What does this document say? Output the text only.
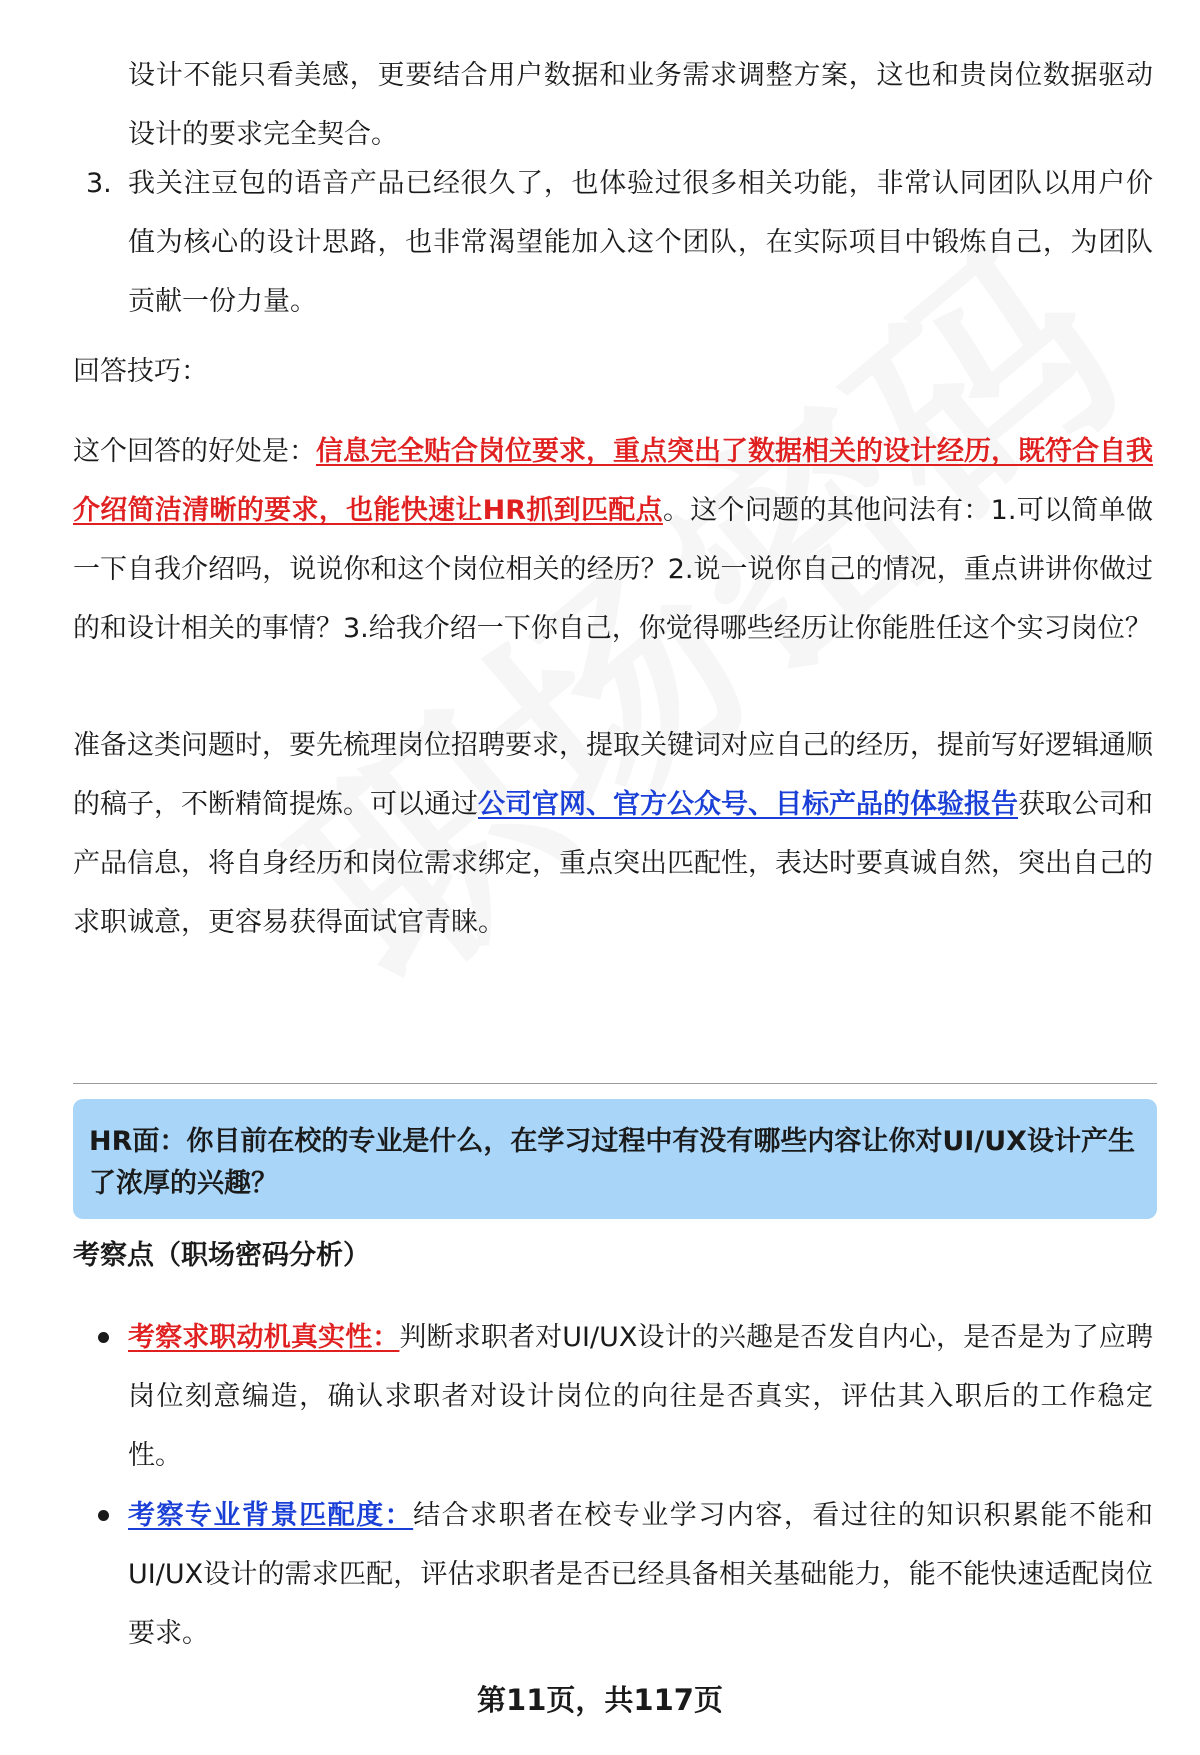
设计不能只看美感，更要结合用户数据和业务需求调整方案，这也和贵岗位数据驱动设计的要求完全契合。

3. 我关注豆包的语音产品已经很久了，也体验过很多相关功能，非常认同团队以用户价值为核心的设计思路，也非常渴望能加入这个团队，在实际项目中锻炼自己，为团队贡献一份力量。

回答技巧：

这个回答的好处是：信息完全贴合岗位要求，重点突出了数据相关的设计经历，既符合自我介绍简洁清晰的要求，也能快速让HR抓到匹配点。这个问题的其他问法有：1.可以简单做一下自我介绍吗，说说你和这个岗位相关的经历？2.说一说你自己的情况，重点讲讲你做过的和设计相关的事情？3.给我介绍一下你自己，你觉得哪些经历让你能胜任这个实习岗位？

准备这类问题时，要先梳理岗位招聘要求，提取关键词对应自己的经历，提前写好逻辑通顺的稿子，不断精简提炼。可以通过公司官网、官方公众号、目标产品的体验报告获取公司和产品信息，将自身经历和岗位需求绑定，重点突出匹配性，表达时要真诚自然，突出自己的求职诚意，更容易获得面试官青睐。

HR面：你目前在校的专业是什么，在学习过程中有没有哪些内容让你对UI/UX设计产生了浓厚的兴趣？
考察点（职场密码分析）

考察求职动机真实性：判断求职者对UI/UX设计的兴趣是否发自内心，是否是为了应聘岗位刻意编造，确认求职者对设计岗位的向往是否真实，评估其入职后的工作稳定性。

考察专业背景匹配度：结合求职者在校专业学习内容，看过往的知识积累能不能和UI/UX设计的需求匹配，评估求职者是否已经具备相关基础能力，能不能快速适配岗位要求。

第11页，共117页
